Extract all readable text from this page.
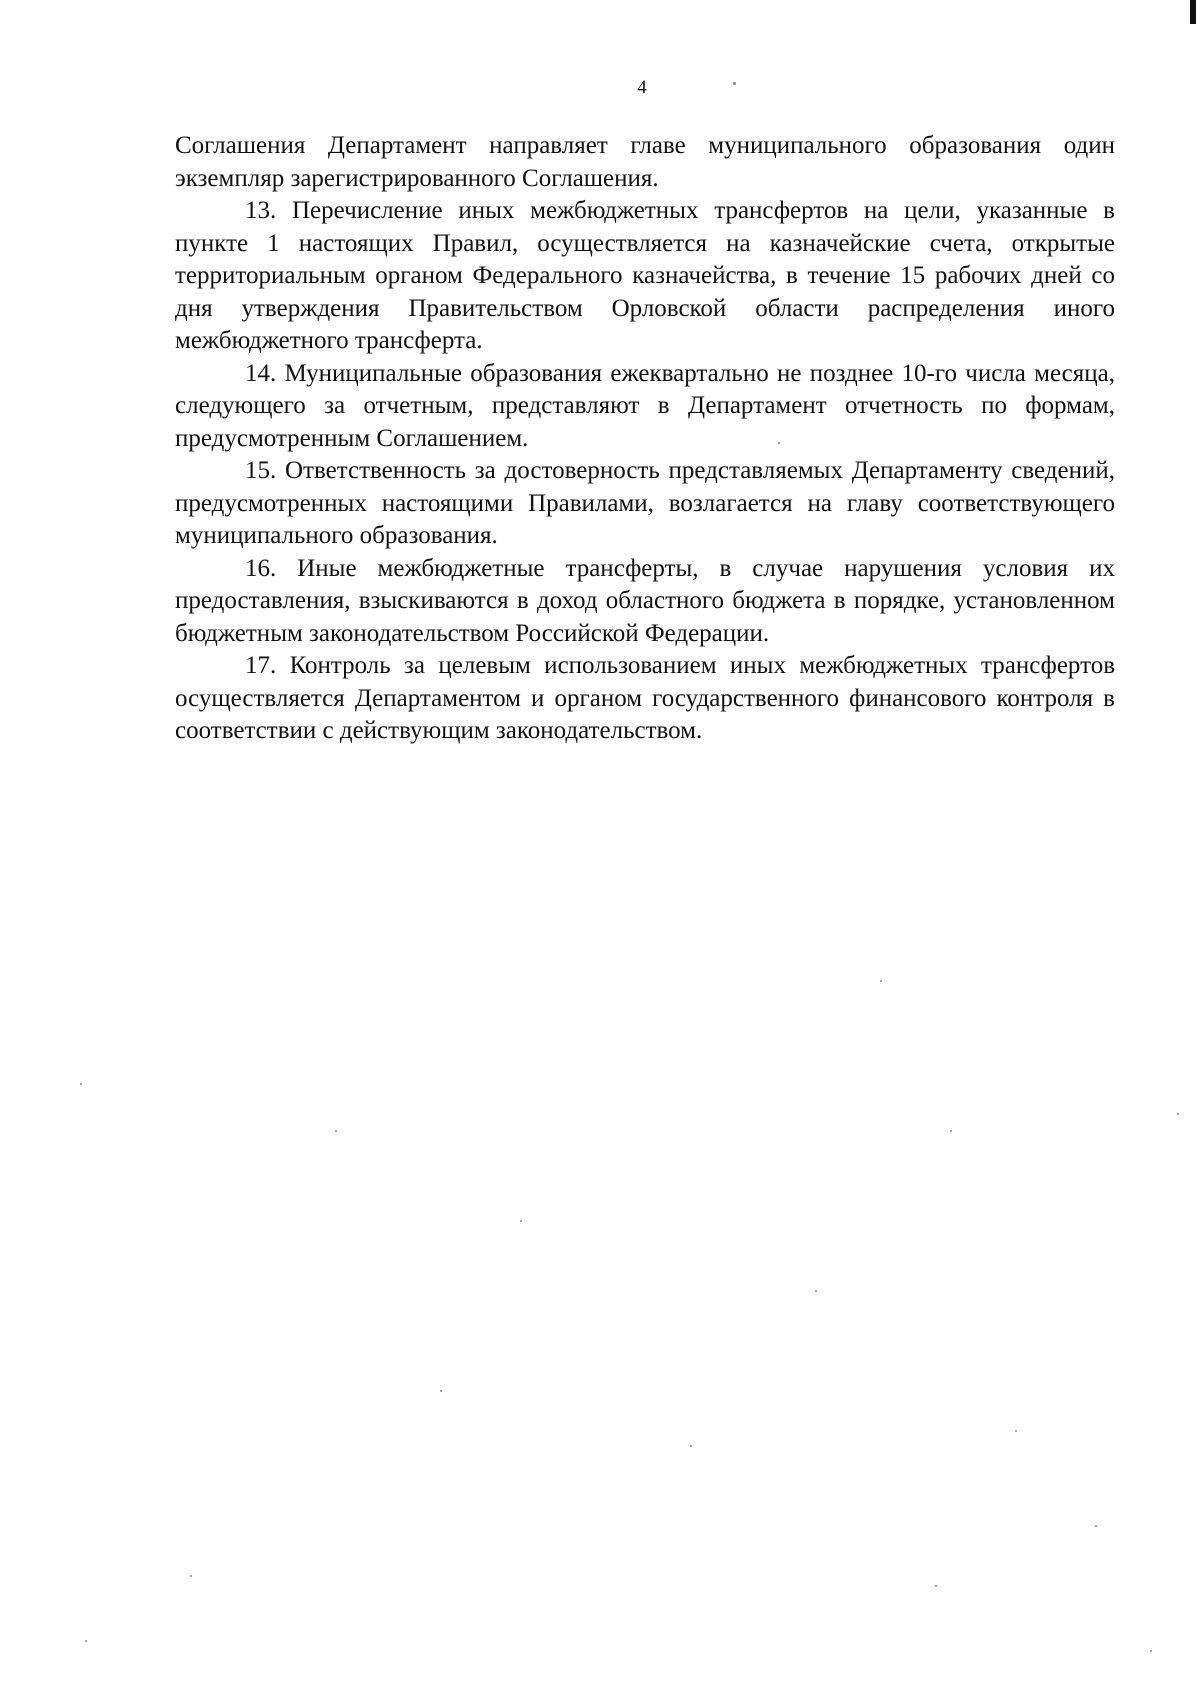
4

Соглашения Департамент направляет главе муниципального образования один экземпляр зарегистрированного Соглашения.

13. Перечисление иных межбюджетных трансфертов на цели, указанные в пункте 1 настоящих Правил, осуществляется на казначейские счета, открытые территориальным органом Федерального казначейства, в течение 15 рабочих дней со дня утверждения Правительством Орловской области распределения иного межбюджетного трансферта.

14. Муниципальные образования ежеквартально не позднее 10-го числа месяца, следующего за отчетным, представляют в Департамент отчетность по формам, предусмотренным Соглашением.

15. Ответственность за достоверность представляемых Департаменту сведений, предусмотренных настоящими Правилами, возлагается на главу соответствующего муниципального образования.

16. Иные межбюджетные трансферты, в случае нарушения условия их предоставления, взыскиваются в доход областного бюджета в порядке, установленном бюджетным законодательством Российской Федерации.

17. Контроль за целевым использованием иных межбюджетных трансфертов осуществляется Департаментом и органом государственного финансового контроля в соответствии с действующим законодательством.
